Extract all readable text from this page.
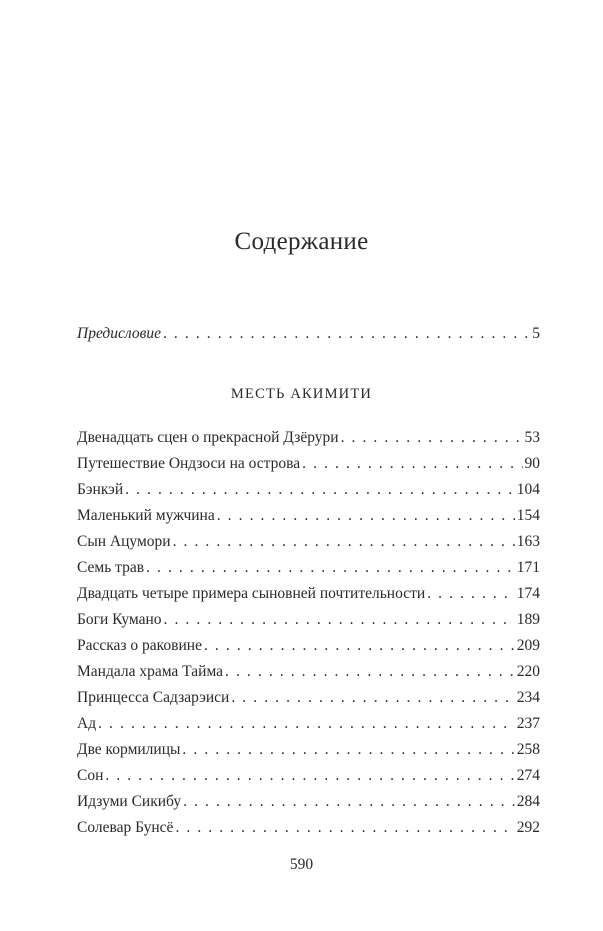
Содержание
Предисловие . . .	5
МЕСТЬ АКИМИТИ
Двенадцать сцен о прекрасной Дзёрури . . .	53
Путешествие Ондзоси на острова . . .	90
Бэнкэй . . .	104
Маленький мужчина . . .	154
Сын Ацумори . . .	163
Семь трав . . .	171
Двадцать четыре примера сыновней почтительности . . .	174
Боги Кумано . . .	189
Рассказ о раковине . . .	209
Мандала храма Тайма . . .	220
Принцесса Садзарэиси . . .	234
Ад . . .	237
Две кормилицы . . .	258
Сон . . .	274
Идзуми Сикибу . . .	284
Солевар Бунсё . . .	292
590
